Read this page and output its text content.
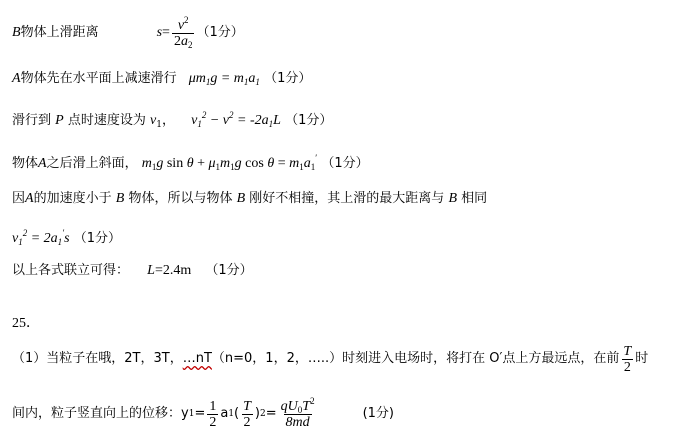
B 物体上滑距离	$s = \frac{v^2}{2a_2} (1$分）
A物体先在水平面上减速滑行 $\mu m_1g = m_1a_1$ （1分）
滑行到 P 点时速度设为 $v_1$， $v_1^2 - v^2 = -2a_1L$ （1分）
物体A之后滑上斜面， $m_1g$ $\sin \theta + \mu_1m_1g$ $\cos \theta = m_1a_1'$ （1分）
因A的加速度小于 B 物体，所以与物体 B 刚好不相撞，其上滑的最大距离与 B 相同
$v_1^2 = 2a_1's$ （1分）
以上各式联立可得： L=2.4m （1分）
25．
（1）当粒子在哦，2T，3T， …nT （n=0，1，2，…..）时刻进入电场时，将打在 O′点上方最远点，在前 $\frac{T}{2}$ 时
间内，粒子竖直向上的位移：y $1 = \frac{1}{2}$ a 1 ( $\frac{T}{2}$ ) $2 = \frac{qU_0T^2}{8md}$	(1分)
